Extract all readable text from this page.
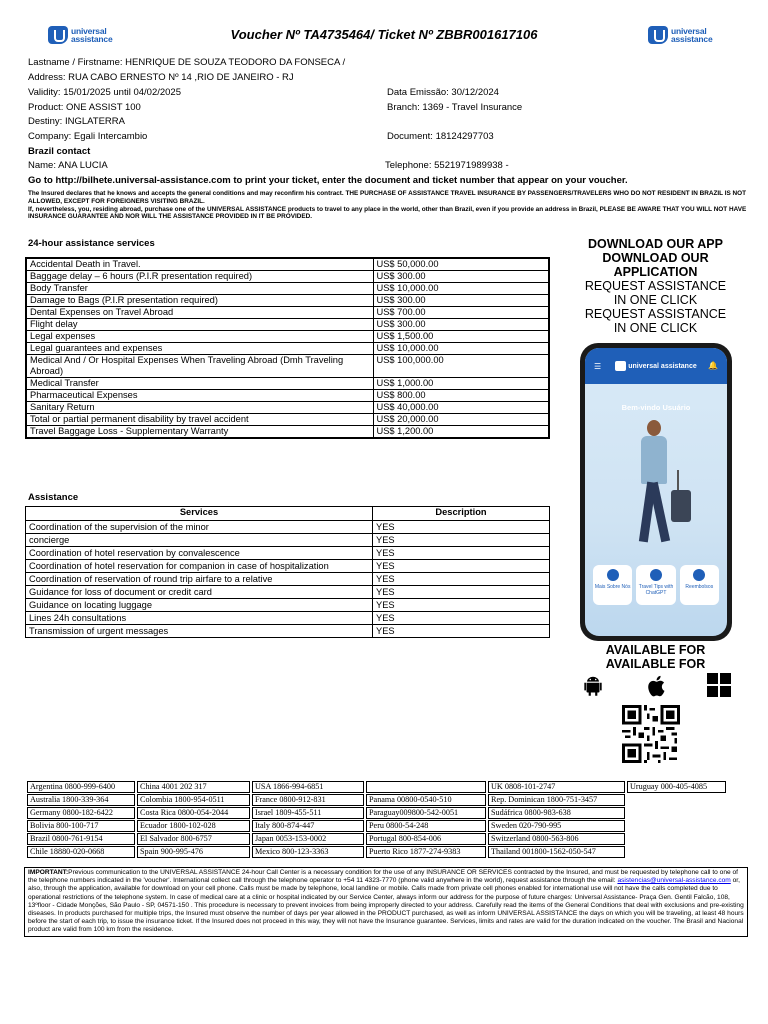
universal
assistance	Voucher Nº TA4735464/ Ticket Nº ZBBR001617106	universal
assistance
Lastname / Firstname: HENRIQUE DE SOUZA TEODORO DA FONSECA /
Address: RUA CABO ERNESTO Nº 14 ,RIO DE JANEIRO - RJ
Validity: 15/01/2025 until 04/02/2025	Data Emissão: 30/12/2024
Product: ONE ASSIST 100	Branch: 1369 - Travel Insurance
Destiny: INGLATERRA
Company: Egali Intercambio	Document: 18124297703
Brazil contact
Name: ANA LUCIA	Telephone: 5521971989938 -
Go to http://bilhete.universal-assistance.com to print your ticket, enter the document and ticket number that appear on your voucher.
The Insured declares that he knows and accepts the general conditions and may reconfirm his contract. THE PURCHASE OF ASSISTANCE TRAVEL INSURANCE BY PASSENGERS/TRAVELERS WHO DO NOT RESIDENT IN BRAZIL IS NOT ALLOWED, EXCEPT FOR FOREIGNERS VISITING BRAZIL.
If, nevertheless, you, residing abroad, purchase one of the UNIVERSAL ASSISTANCE products to travel to any place in the world, other than Brazil, even if you provide an address in Brazil, PLEASE BE AWARE THAT YOU WILL NOT HAVE INSURANCE GUARANTEE AND NOR WILL THE ASSISTANCE PROVIDED IN IT BE PROVIDED.
24-hour assistance services
Accidental Death in Travel.	US$ 50,000.00
Baggage delay – 6 hours (P.I.R presentation required)	US$ 300.00
Body Transfer	US$ 10,000.00
Damage to Bags (P.I.R presentation required)	US$ 300.00
Dental Expenses on Travel Abroad	US$ 700.00
Flight delay	US$ 300.00
Legal expenses	US$ 1,500.00
Legal guarantees and expenses	US$ 10,000.00
Medical And / Or Hospital Expenses When Traveling Abroad (Dmh Traveling Abroad)	US$ 100,000.00
Medical Transfer	US$ 1,000.00
Pharmaceutical Expenses	US$ 800.00
Sanitary Return	US$ 40,000.00
Total or partial permanent disability by travel accident	US$ 20,000.00
Travel Baggage Loss - Supplementary Warranty	US$ 1,200.00
Assistance
Services	Description
Coordination of the supervision of the minor	YES
concierge	YES
Coordination of hotel reservation by convalescence	YES
Coordination of hotel reservation for companion in case of hospitalization	YES
Coordination of reservation of round trip airfare to a relative	YES
Guidance for loss of document or credit card	YES
Guidance on locating luggage	YES
Lines 24h consultations	YES
Transmission of urgent messages	YES
DOWNLOAD OUR APP
DOWNLOAD OUR APPLICATION
REQUEST ASSISTANCE IN ONE CLICK
REQUEST ASSISTANCE IN ONE CLICK
☰	universal assistance 🔔
Bem-vindo Usuário
Mais Sobre Nós	Travel Tips with ChatGPT
Reembolsos
AVAILABLE FOR
AVAILABLE FOR
Argentina 0800-999-6400	China 4001 202 317	USA 1866-994-6851		UK 0808-101-2747	Uruguay 000-405-4085
Australia 1800-339-364	Colombia 1800-954-0511	France 0800-912-831	Panama 00800-0540-510	Rep. Dominican 1800-751-3457	
Germany 0800-182-6422	Costa Rica 0800-054-2044	Israel 1809-455-511	Paraguay009800-542-0051	Sudáfrica 0800-983-638	
Bolivia 800-100-717	Ecuador 1800-102-028	Italy 800-874-447	Peru 0800-54-248	Sweden 020-790-995	
Brazil 0800-761-9154	El Salvador 800-6757	Japan 0053-153-0002	Portugal 800-854-006	Switzerland 0800-563-806	
Chile 18880-020-0668	Spain 900-995-476	Mexico 800-123-3363	Puerto Rico 1877-274-9383	Thailand 001800-1562-050-547	
IMPORTANT:Previous communication to the UNIVERSAL ASSISTANCE 24-hour Call Center is a necessary condition for the use of any INSURANCE OR SERVICES contracted by the Insured, and must be requested by telephone call to one of the telephone numbers indicated in the 'voucher'. International collect call through the telephone operator to +54 11 4323-7770 (phone valid anywhere in the world), request assistance through the email: asistencias@universal-assistance.com or, also, through the application, available for download on your cell phone. Calls must be made by telephone, local landline or mobile. Calls made from private cell phones enabled for international use will not have the calls completed due to operational restrictions of the telephone system. In case of medical care at a clinic or hospital indicated by our Service Center, always inform our address for the purpose of future charges: Universal Assistance- Praça Gen. Gentil Falcão, 108, 13ºfloor - Cidade Monções, São Paulo - SP, 04571-150 . This procedure is necessary to prevent invoices from being improperly directed to your address. Carefully read the items of the General Conditions that deal with exclusions and pre-existing diseases. In products purchased for multiple trips, the Insured must observe the number of days per year allowed in the PRODUCT purchased, as well as inform UNIVERSAL ASSISTANCE the days on which you will be traveling, at least 48 hours before the start of each trip, to issue the insurance ticket. If the Insured does not proceed in this way, they will not have the Insurance guarantee. Services, limits and rates are valid for the duration indicated on the voucher. The Brasil and Nacional product are valid from 100 km from the residence.
